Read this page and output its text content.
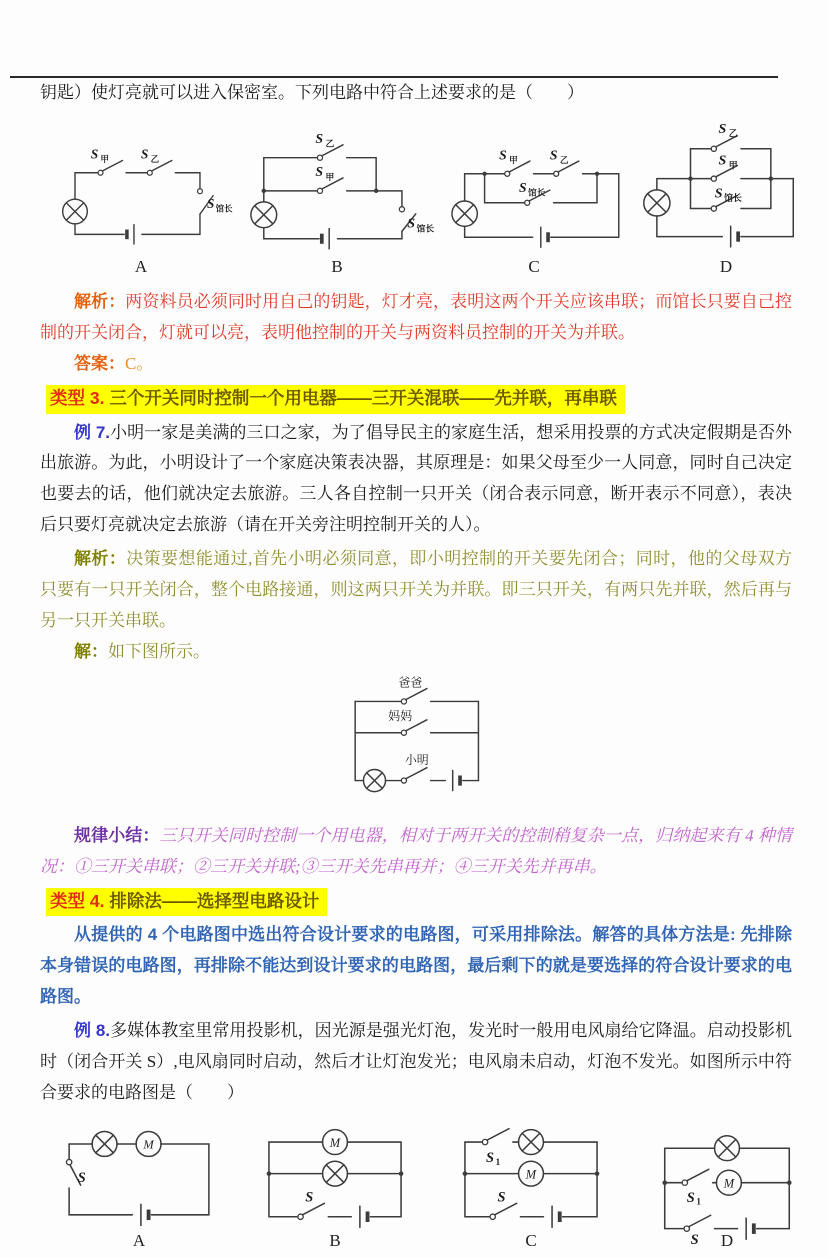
钥匙）使灯亮就可以进入保密室。下列电路中符合上述要求的是（　　）

S 甲 S 乙
S 馆长
A
S 乙
S 甲
S 馆长
B
S 甲 S 乙
S 馆长
C
S 乙
S 甲
S 馆长
D

解析：两资料员必须同时用自己的钥匙，灯才亮，表明这两个开关应该串联；而馆长只要自己控制的开关闭合，灯就可以亮，表明他控制的开关与两资料员控制的开关为并联。

答案：C。

类型 3. 三个开关同时控制一个用电器——三开关混联——先并联，再串联

例 7.小明一家是美满的三口之家，为了倡导民主的家庭生活，想采用投票的方式决定假期是否外出旅游。为此，小明设计了一个家庭决策表决器，其原理是：如果父母至少一人同意，同时自己决定也要去的话，他们就决定去旅游。三人各自控制一只开关（闭合表示同意，断开表示不同意），表决后只要灯亮就决定去旅游（请在开关旁注明控制开关的人）。

解析：决策要想能通过,首先小明必须同意，即小明控制的开关要先闭合；同时，他的父母双方只要有一只开关闭合，整个电路接通，则这两只开关为并联。即三只开关，有两只先并联，然后再与另一只开关串联。

解：如下图所示。

爸爸
妈妈
小明

规律小结：三只开关同时控制一个用电器，相对于两开关的控制稍复杂一点，归纳起来有 4 种情况：①三开关串联；②三开关并联;③三开关先串再并；④三开关先并再串。

类型 4. 排除法——选择型电路设计

从提供的 4 个电路图中选出符合设计要求的电路图，可采用排除法。解答的具体方法是: 先排除本身错误的电路图，再排除不能达到设计要求的电路图，最后剩下的就是要选择的符合设计要求的电路图。

例 8.多媒体教室里常用投影机，因光源是强光灯泡，发光时一般用电风扇给它降温。启动投影机时（闭合开关 S）,电风扇同时启动，然后才让灯泡发光；电风扇未启动，灯泡不发光。如图所示中符合要求的电路图是（　　）

M
S
A
M
S
B
M
S 1
S
C
M
S 1
S	D
